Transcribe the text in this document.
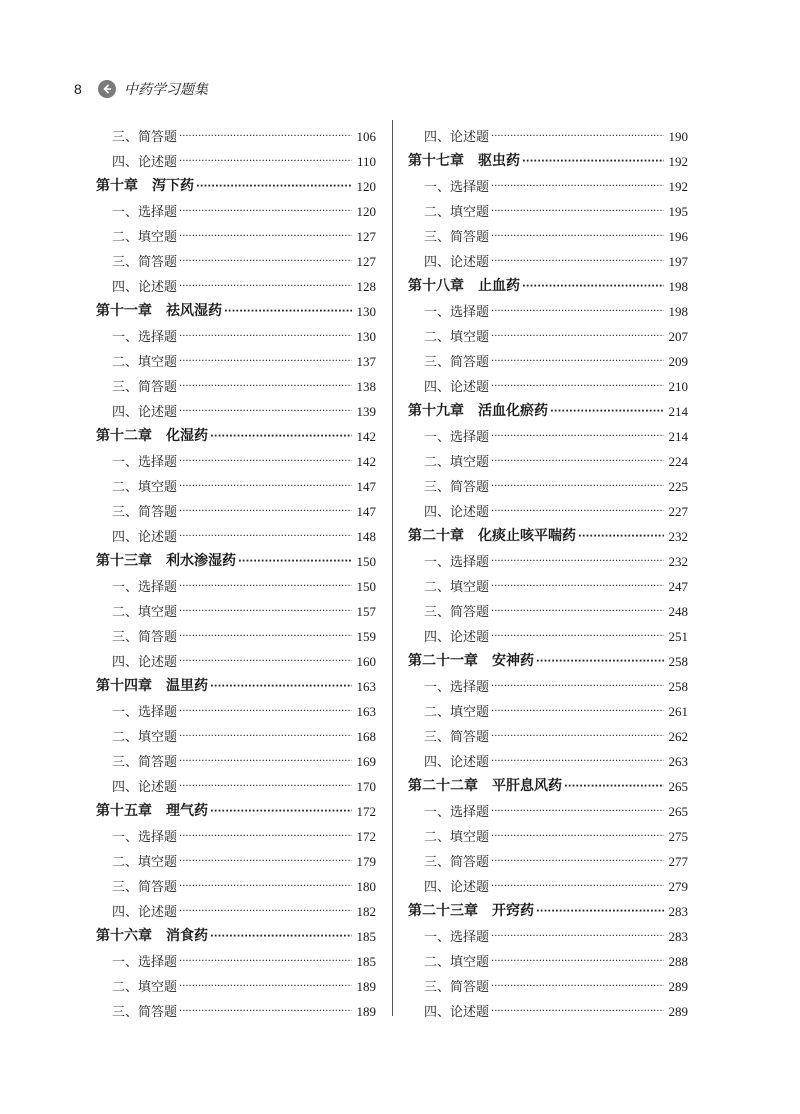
8	中药学习题集
三、简答题 ·····	106
四、论述题 ·····	110
第十章　泻下药 ·····	120
一、选择题 ·····	120
二、填空题 ·····	127
三、简答题 ·····	127
四、论述题 ·····	128
第十一章　祛风湿药 ·····	130
一、选择题 ·····	130
二、填空题 ·····	137
三、简答题 ·····	138
四、论述题 ·····	139
第十二章　化湿药 ·····	142
一、选择题 ·····	142
二、填空题 ·····	147
三、简答题 ·····	147
四、论述题 ·····	148
第十三章　利水渗湿药 ·····	150
一、选择题 ·····	150
二、填空题 ·····	157
三、简答题 ·····	159
四、论述题 ·····	160
第十四章　温里药 ·····	163
一、选择题 ·····	163
二、填空题 ·····	168
三、简答题 ·····	169
四、论述题 ·····	170
第十五章　理气药 ·····	172
一、选择题 ·····	172
二、填空题 ·····	179
三、简答题 ·····	180
四、论述题 ·····	182
第十六章　消食药 ·····	185
一、选择题 ·····	185
二、填空题 ·····	189
三、简答题 ·····	189
四、论述题 ·····	190
第十七章　驱虫药 ·····	192
一、选择题 ·····	192
二、填空题 ·····	195
三、简答题 ·····	196
四、论述题 ·····	197
第十八章　止血药 ·····	198
一、选择题 ·····	198
二、填空题 ·····	207
三、简答题 ·····	209
四、论述题 ·····	210
第十九章　活血化瘀药 ·····	214
一、选择题 ·····	214
二、填空题 ·····	224
三、简答题 ·····	225
四、论述题 ·····	227
第二十章　化痰止咳平喘药 ·····	232
一、选择题 ·····	232
二、填空题 ·····	247
三、简答题 ·····	248
四、论述题 ·····	251
第二十一章　安神药 ·····	258
一、选择题 ·····	258
二、填空题 ·····	261
三、简答题 ·····	262
四、论述题 ·····	263
第二十二章　平肝息风药 ·····	265
一、选择题 ·····	265
二、填空题 ·····	275
三、简答题 ·····	277
四、论述题 ·····	279
第二十三章　开窍药 ·····	283
一、选择题 ·····	283
二、填空题 ·····	288
三、简答题 ·····	289
四、论述题 ·····	289
